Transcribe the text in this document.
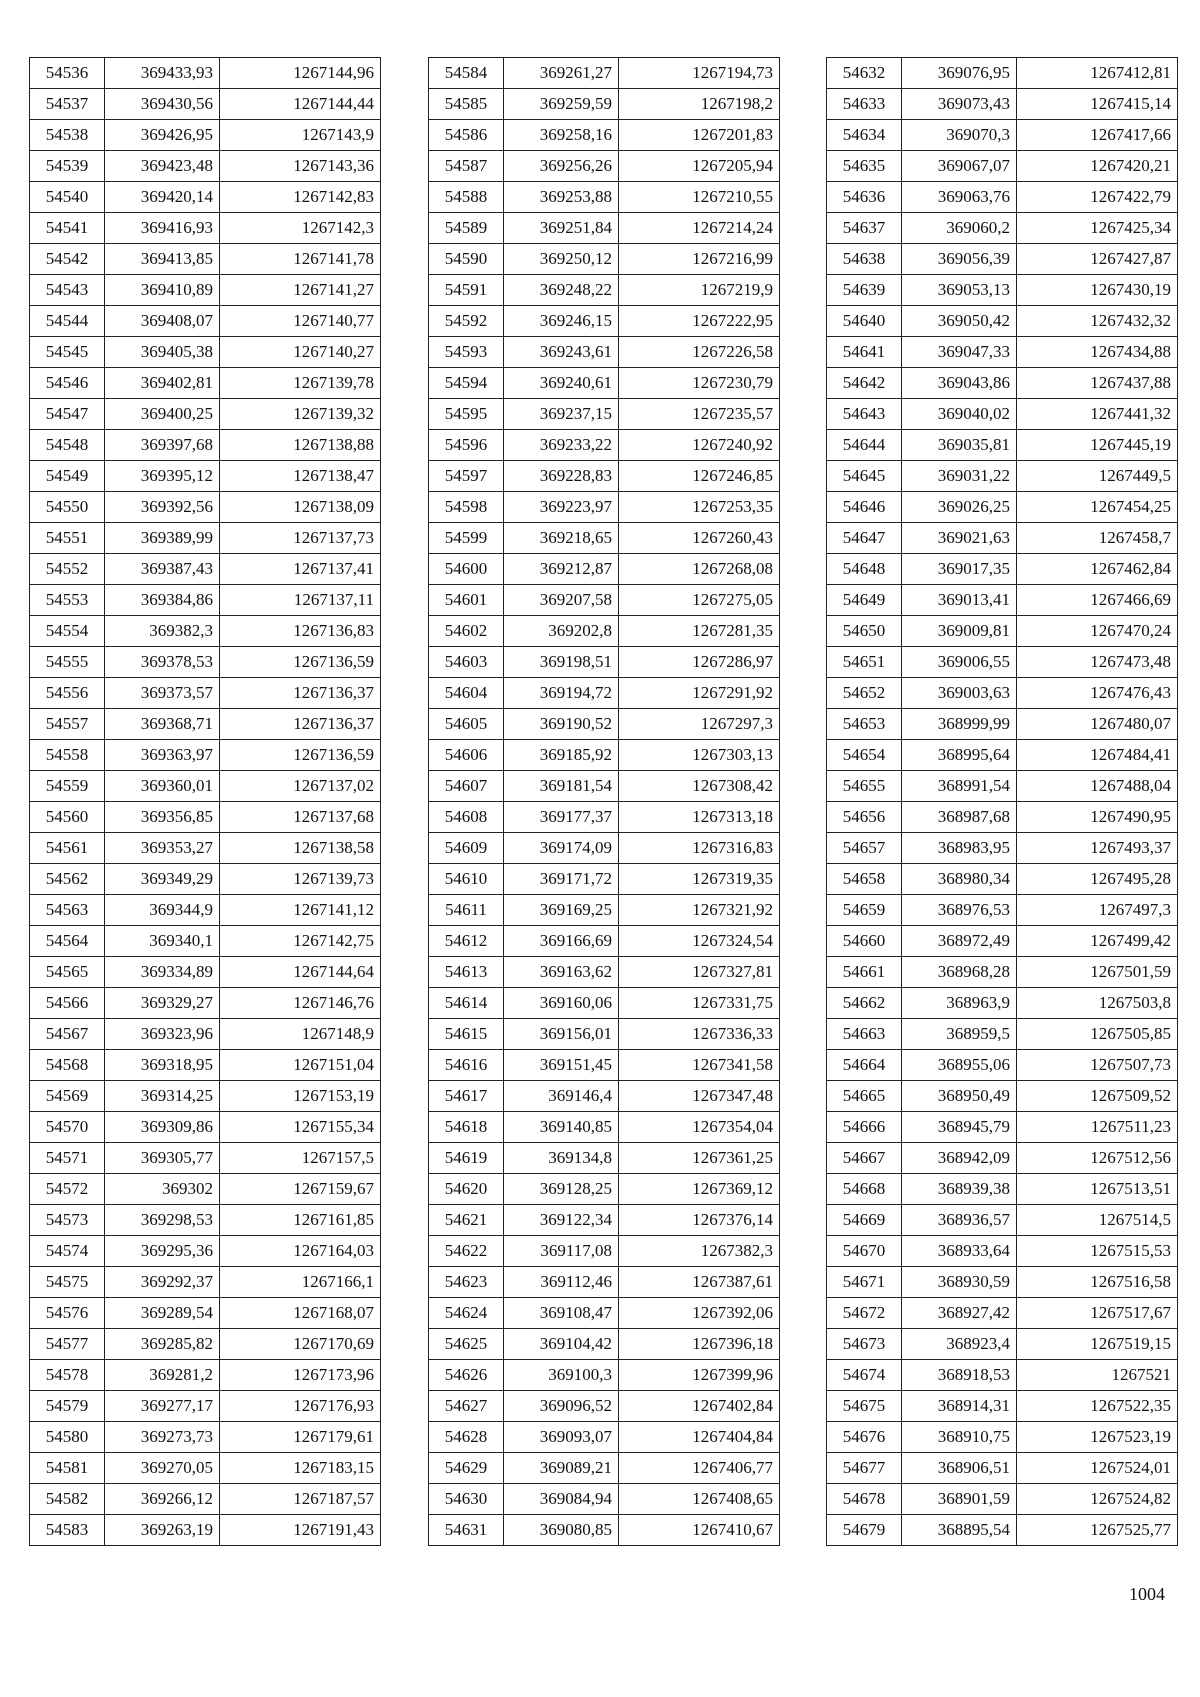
54536	369433,93	1267144,96
54537	369430,56	1267144,44
54538	369426,95	1267143,9
54539	369423,48	1267143,36
54540	369420,14	1267142,83
54541	369416,93	1267142,3
54542	369413,85	1267141,78
54543	369410,89	1267141,27
54544	369408,07	1267140,77
54545	369405,38	1267140,27
54546	369402,81	1267139,78
54547	369400,25	1267139,32
54548	369397,68	1267138,88
54549	369395,12	1267138,47
54550	369392,56	1267138,09
54551	369389,99	1267137,73
54552	369387,43	1267137,41
54553	369384,86	1267137,11
54554	369382,3	1267136,83
54555	369378,53	1267136,59
54556	369373,57	1267136,37
54557	369368,71	1267136,37
54558	369363,97	1267136,59
54559	369360,01	1267137,02
54560	369356,85	1267137,68
54561	369353,27	1267138,58
54562	369349,29	1267139,73
54563	369344,9	1267141,12
54564	369340,1	1267142,75
54565	369334,89	1267144,64
54566	369329,27	1267146,76
54567	369323,96	1267148,9
54568	369318,95	1267151,04
54569	369314,25	1267153,19
54570	369309,86	1267155,34
54571	369305,77	1267157,5
54572	369302	1267159,67
54573	369298,53	1267161,85
54574	369295,36	1267164,03
54575	369292,37	1267166,1
54576	369289,54	1267168,07
54577	369285,82	1267170,69
54578	369281,2	1267173,96
54579	369277,17	1267176,93
54580	369273,73	1267179,61
54581	369270,05	1267183,15
54582	369266,12	1267187,57
54583	369263,19	1267191,43
54584	369261,27	1267194,73
54585	369259,59	1267198,2
54586	369258,16	1267201,83
54587	369256,26	1267205,94
54588	369253,88	1267210,55
54589	369251,84	1267214,24
54590	369250,12	1267216,99
54591	369248,22	1267219,9
54592	369246,15	1267222,95
54593	369243,61	1267226,58
54594	369240,61	1267230,79
54595	369237,15	1267235,57
54596	369233,22	1267240,92
54597	369228,83	1267246,85
54598	369223,97	1267253,35
54599	369218,65	1267260,43
54600	369212,87	1267268,08
54601	369207,58	1267275,05
54602	369202,8	1267281,35
54603	369198,51	1267286,97
54604	369194,72	1267291,92
54605	369190,52	1267297,3
54606	369185,92	1267303,13
54607	369181,54	1267308,42
54608	369177,37	1267313,18
54609	369174,09	1267316,83
54610	369171,72	1267319,35
54611	369169,25	1267321,92
54612	369166,69	1267324,54
54613	369163,62	1267327,81
54614	369160,06	1267331,75
54615	369156,01	1267336,33
54616	369151,45	1267341,58
54617	369146,4	1267347,48
54618	369140,85	1267354,04
54619	369134,8	1267361,25
54620	369128,25	1267369,12
54621	369122,34	1267376,14
54622	369117,08	1267382,3
54623	369112,46	1267387,61
54624	369108,47	1267392,06
54625	369104,42	1267396,18
54626	369100,3	1267399,96
54627	369096,52	1267402,84
54628	369093,07	1267404,84
54629	369089,21	1267406,77
54630	369084,94	1267408,65
54631	369080,85	1267410,67
54632	369076,95	1267412,81
54633	369073,43	1267415,14
54634	369070,3	1267417,66
54635	369067,07	1267420,21
54636	369063,76	1267422,79
54637	369060,2	1267425,34
54638	369056,39	1267427,87
54639	369053,13	1267430,19
54640	369050,42	1267432,32
54641	369047,33	1267434,88
54642	369043,86	1267437,88
54643	369040,02	1267441,32
54644	369035,81	1267445,19
54645	369031,22	1267449,5
54646	369026,25	1267454,25
54647	369021,63	1267458,7
54648	369017,35	1267462,84
54649	369013,41	1267466,69
54650	369009,81	1267470,24
54651	369006,55	1267473,48
54652	369003,63	1267476,43
54653	368999,99	1267480,07
54654	368995,64	1267484,41
54655	368991,54	1267488,04
54656	368987,68	1267490,95
54657	368983,95	1267493,37
54658	368980,34	1267495,28
54659	368976,53	1267497,3
54660	368972,49	1267499,42
54661	368968,28	1267501,59
54662	368963,9	1267503,8
54663	368959,5	1267505,85
54664	368955,06	1267507,73
54665	368950,49	1267509,52
54666	368945,79	1267511,23
54667	368942,09	1267512,56
54668	368939,38	1267513,51
54669	368936,57	1267514,5
54670	368933,64	1267515,53
54671	368930,59	1267516,58
54672	368927,42	1267517,67
54673	368923,4	1267519,15
54674	368918,53	1267521
54675	368914,31	1267522,35
54676	368910,75	1267523,19
54677	368906,51	1267524,01
54678	368901,59	1267524,82
54679	368895,54	1267525,77
1004
